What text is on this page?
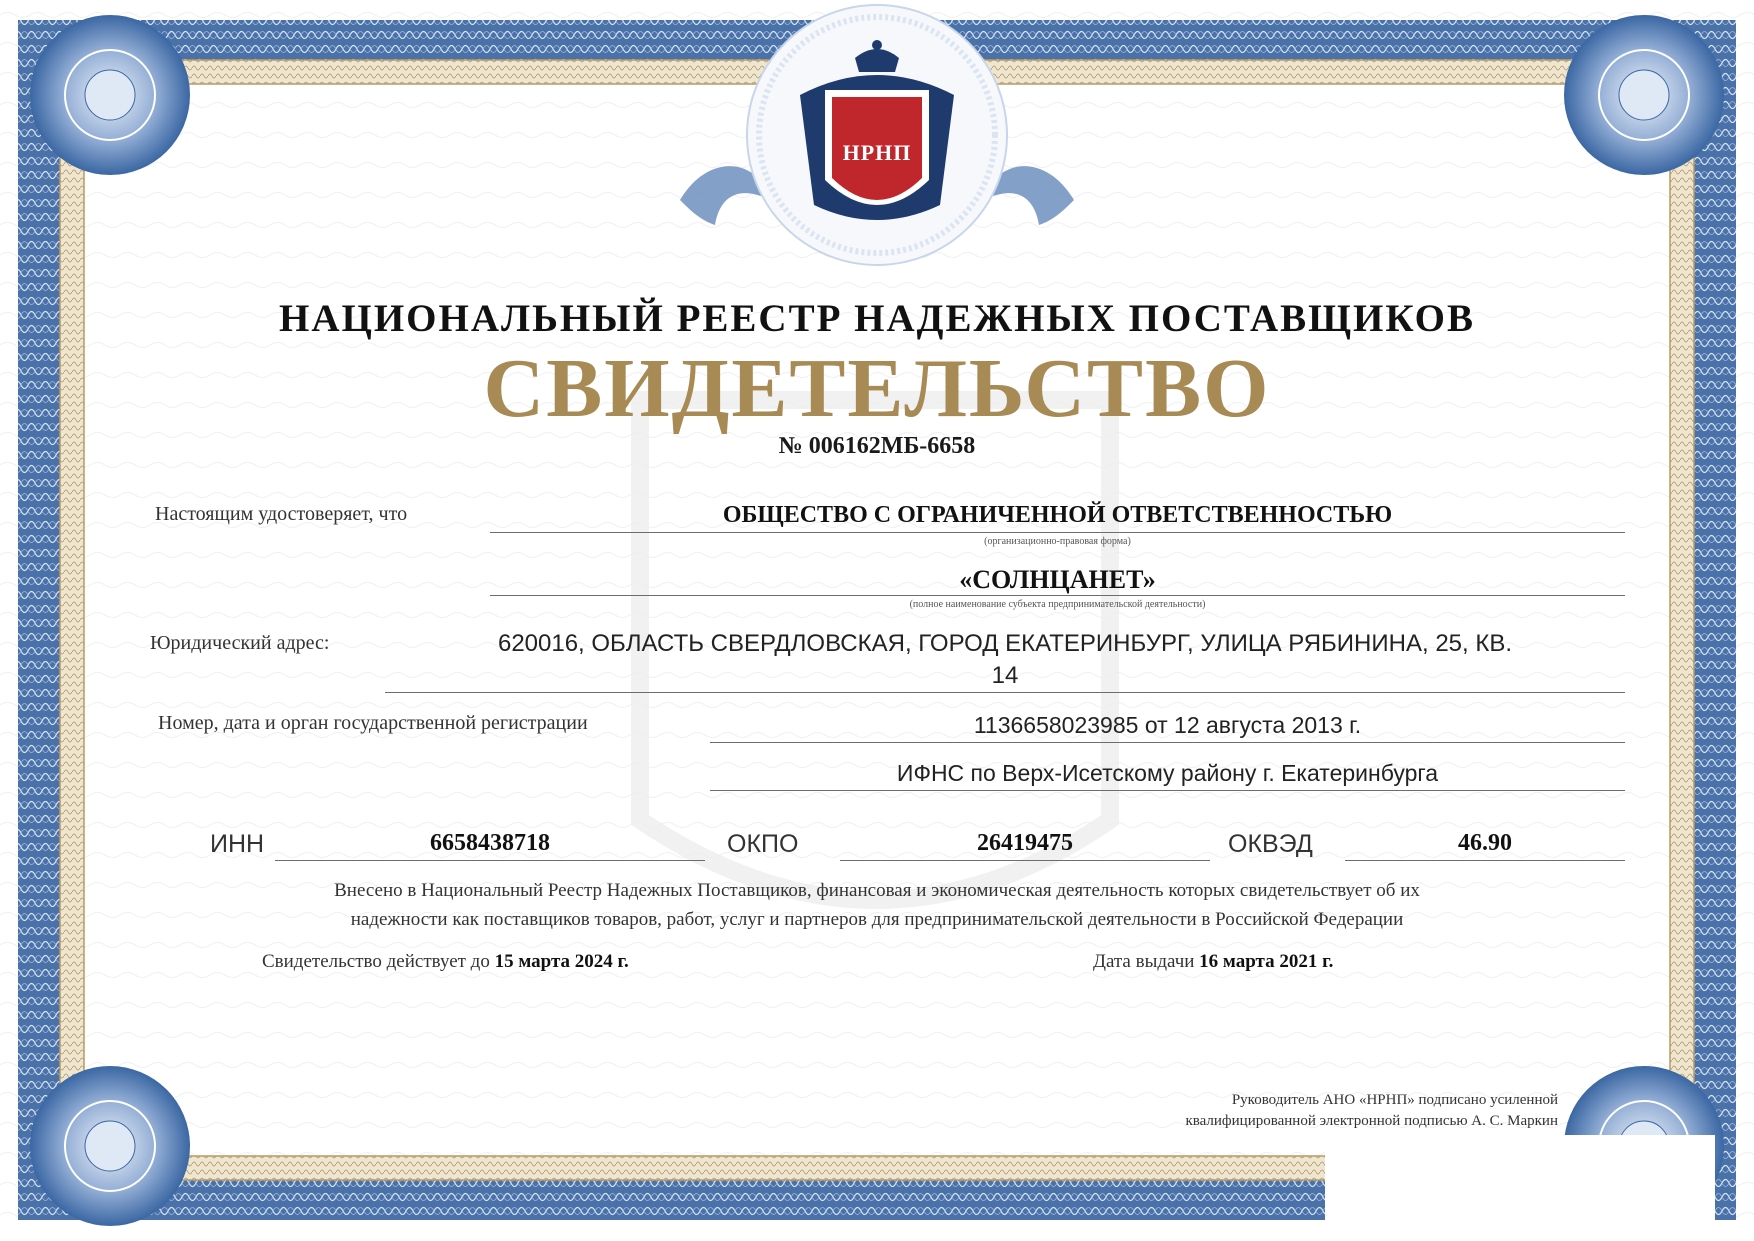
НРНП
НАЦИОНАЛЬНЫЙ РЕЕСТР НАДЕЖНЫХ ПОСТАВЩИКОВ
СВИДЕТЕЛЬСТВО
№ 006162МБ-6658
Настоящим удостоверяет, что	ОБЩЕСТВО С ОГРАНИЧЕННОЙ ОТВЕТСТВЕННОСТЬЮ
(организационно-правовая форма)
«СОЛНЦАНЕТ»
(полное наименование субъекта предпринимательской деятельности)
Юридический адрес:	620016, ОБЛАСТЬ СВЕРДЛОВСКАЯ, ГОРОД ЕКАТЕРИНБУРГ, УЛИЦА РЯБИНИНА, 25, КВ.
14
Номер, дата и орган государственной регистрации	1136658023985 от 12 августа 2013 г.
ИФНС по Верх-Исетскому району г. Екатеринбурга
ИНН	6658438718	ОКПО	26419475	ОКВЭД	46.90
Внесено в Национальный Реестр Надежных Поставщиков, финансовая и экономическая деятельность которых свидетельствует об их
надежности как поставщиков товаров, работ, услуг и партнеров для предпринимательской деятельности в Российской Федерации
Свидетельство действует до 15 марта 2024 г.	Дата выдачи 16 марта 2021 г.
Руководитель АНО «НРНП» подписано усиленной
квалифицированной электронной подписью А. С. Маркин
